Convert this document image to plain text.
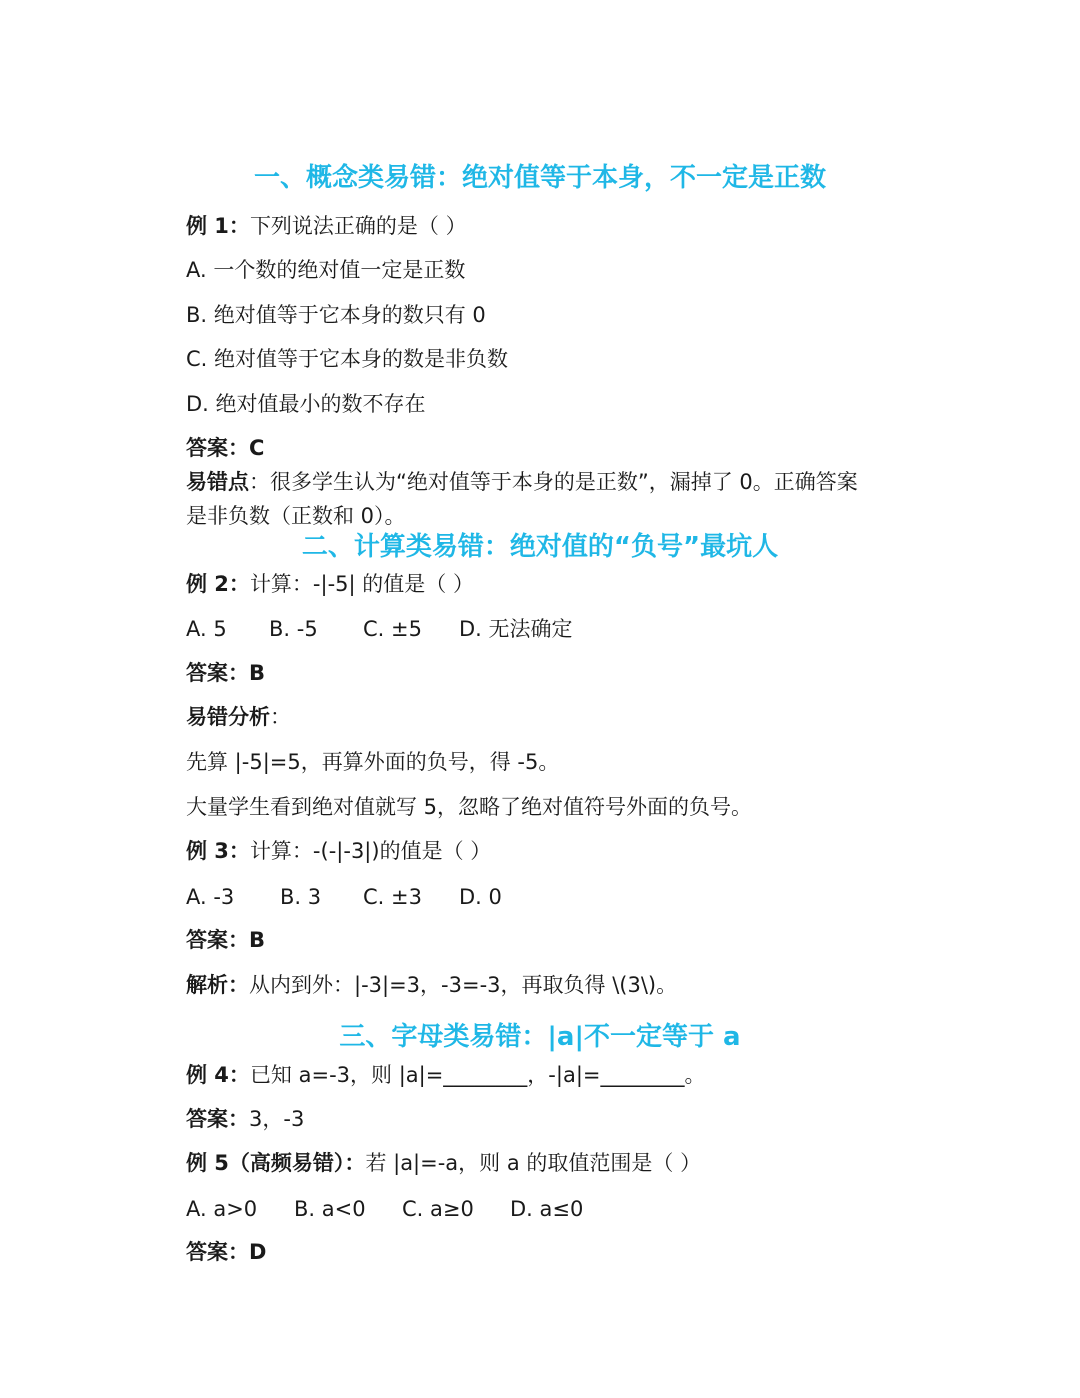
一、概念类易错：绝对值等于本身，不一定是正数
例 1：下列说法正确的是（ ）
A. 一个数的绝对值一定是正数
B. 绝对值等于它本身的数只有 0
C. 绝对值等于它本身的数是非负数
D. 绝对值最小的数不存在
答案：C
易错点：很多学生认为“绝对值等于本身的是正数”，漏掉了 0。正确答案
是非负数（正数和 0）。
二、计算类易错：绝对值的“负号”最坑人
例 2：计算：-|-5| 的值是（ ）
A. 5 B. -5 C. ±5 D. 无法确定
答案：B
易错分析：
先算 |-5|=5，再算外面的负号，得 -5。
大量学生看到绝对值就写 5，忽略了绝对值符号外面的负号。
例 3：计算：-(-|-3|)的值是（ ）
A. -3 B. 3 C. ±3 D. 0
答案：B
解析：从内到外：|-3|=3，-3=-3，再取负得 \(3\)。
三、字母类易错：|a|不一定等于 a
例 4：已知 a=-3，则 |a|=________，-|a|=________。
答案：3，-3
例 5（高频易错）：若 |a|=-a，则 a 的取值范围是（ ）
A. a>0 B. a<0 C. a≥0 D. a≤0
答案：D
